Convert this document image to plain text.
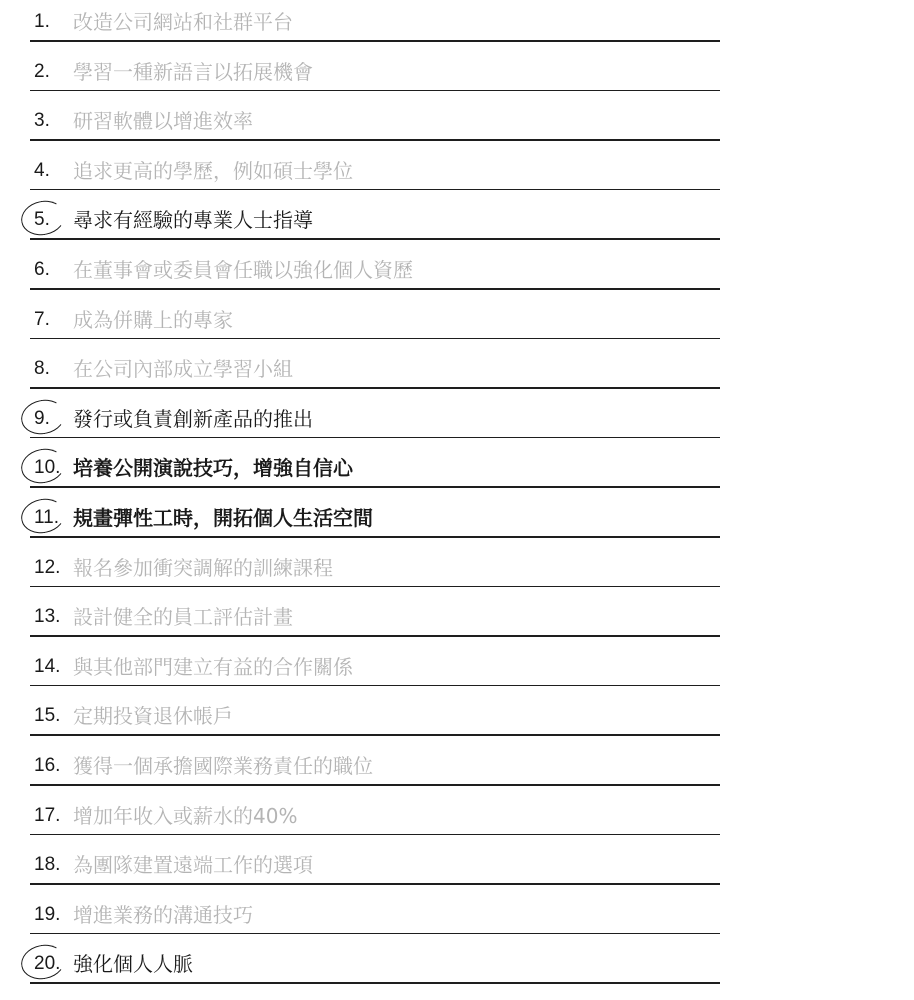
1. 改造公司網站和社群平台
2. 學習一種新語言以拓展機會
3. 研習軟體以增進效率
4. 追求更高的學歷，例如碩士學位
5. 尋求有經驗的專業人士指導
6. 在董事會或委員會任職以強化個人資歷
7. 成為併購上的專家
8. 在公司內部成立學習小組
9. 發行或負責創新產品的推出
10. 培養公開演說技巧，增強自信心
11. 規畫彈性工時，開拓個人生活空間
12. 報名參加衝突調解的訓練課程
13. 設計健全的員工評估計畫
14. 與其他部門建立有益的合作關係
15. 定期投資退休帳戶
16. 獲得一個承擔國際業務責任的職位
17. 增加年收入或薪水的40%
18. 為團隊建置遠端工作的選項
19. 增進業務的溝通技巧
20. 強化個人人脈
